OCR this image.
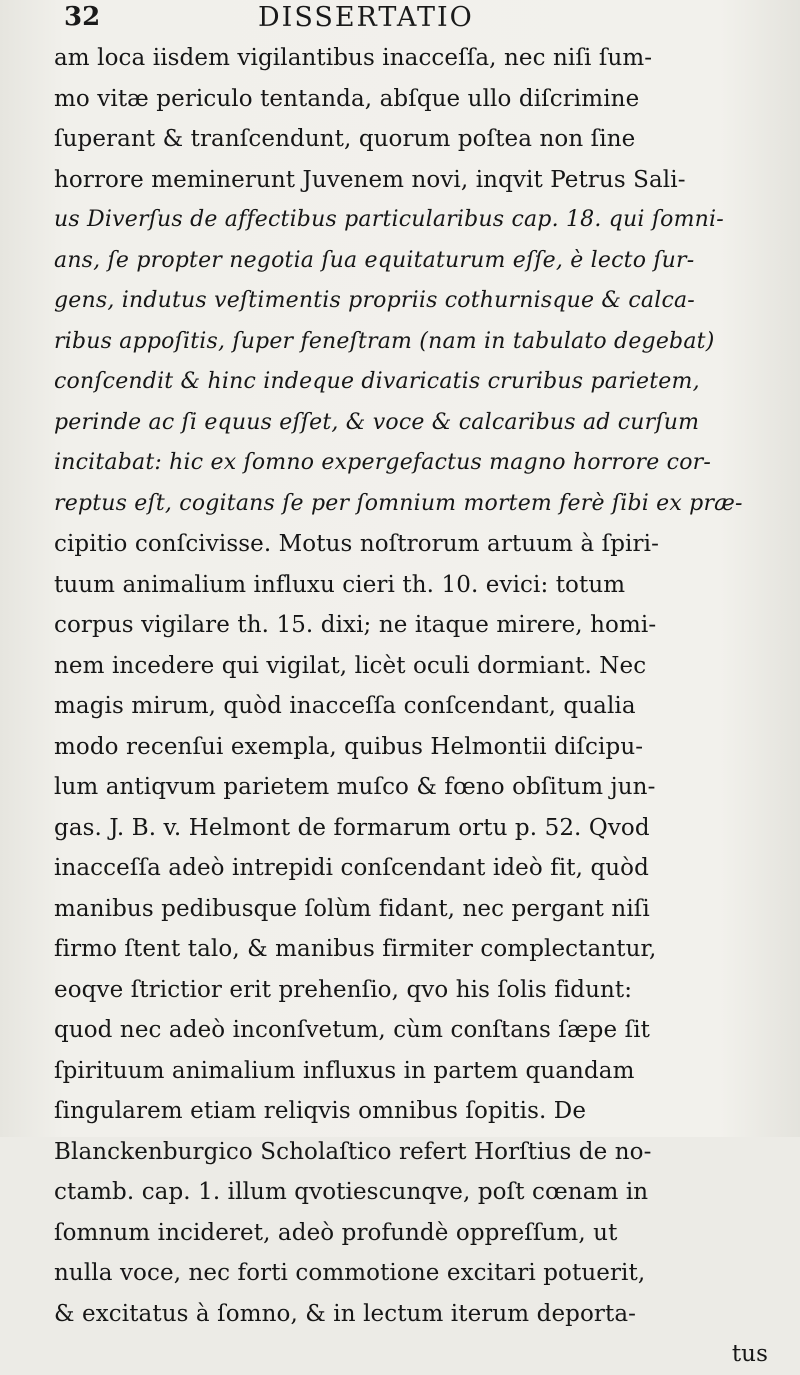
32	DISSERTATIO
am loca iisdem vigilantibus inacceſſa, nec niſi ſum-
mo vitæ periculo tentanda, abſque ullo diſcrimine
ſuperant & tranſcendunt, quorum poſtea non ſine
horrore meminerunt Juvenem novi, inqvit Petrus Sali-
us Diverſus de affectibus particularibus cap. 18. qui ſomni-
ans, ſe propter negotia ſua equitaturum eſſe, è lecto ſur-
gens, indutus veſtimentis propriis cothurnisque & calca-
ribus appoſitis, ſuper feneſtram (nam in tabulato degebat)
conſcendit & hinc indeque divaricatis cruribus parietem,
perinde ac ſi equus eſſet, & voce & calcaribus ad curſum
incitabat: hic ex ſomno expergefactus magno horrore cor-
reptus eſt, cogitans ſe per ſomnium mortem ferè ſibi ex præ-
cipitio conſcivisse. Motus noſtrorum artuum à ſpiri-
tuum animalium influxu cieri th. 10. evici: totum
corpus vigilare th. 15. dixi; ne itaque mirere, homi-
nem incedere qui vigilat, licèt oculi dormiant. Nec
magis mirum, quòd inacceſſa conſcendant, qualia
modo recenſui exempla, quibus Helmontii diſcipu-
lum antiqvum parietem muſco & fœno obſitum jun-
gas. J. B. v. Helmont de formarum ortu p. 52. Qvod
inacceſſa adeò intrepidi conſcendant ideò fit, quòd
manibus pedibusque ſolùm fidant, nec pergant niſi
firmo ſtent talo, & manibus firmiter complectantur,
eoqve ſtrictior erit prehenſio, qvo his ſolis fidunt:
quod nec adeò inconſvetum, cùm conſtans ſæpe ſit
ſpirituum animalium influxus in partem quandam
ſingularem etiam reliqvis omnibus ſopitis. De
Blanckenburgico Scholaſtico refert Horſtius de no-
ctamb. cap. 1. illum qvotiescunqve, poſt cœnam in
ſomnum incideret, adeò profundè oppreſſum, ut
nulla voce, nec forti commotione excitari potuerit,
& excitatus à ſomno, & in lectum iterum deporta-
tus
